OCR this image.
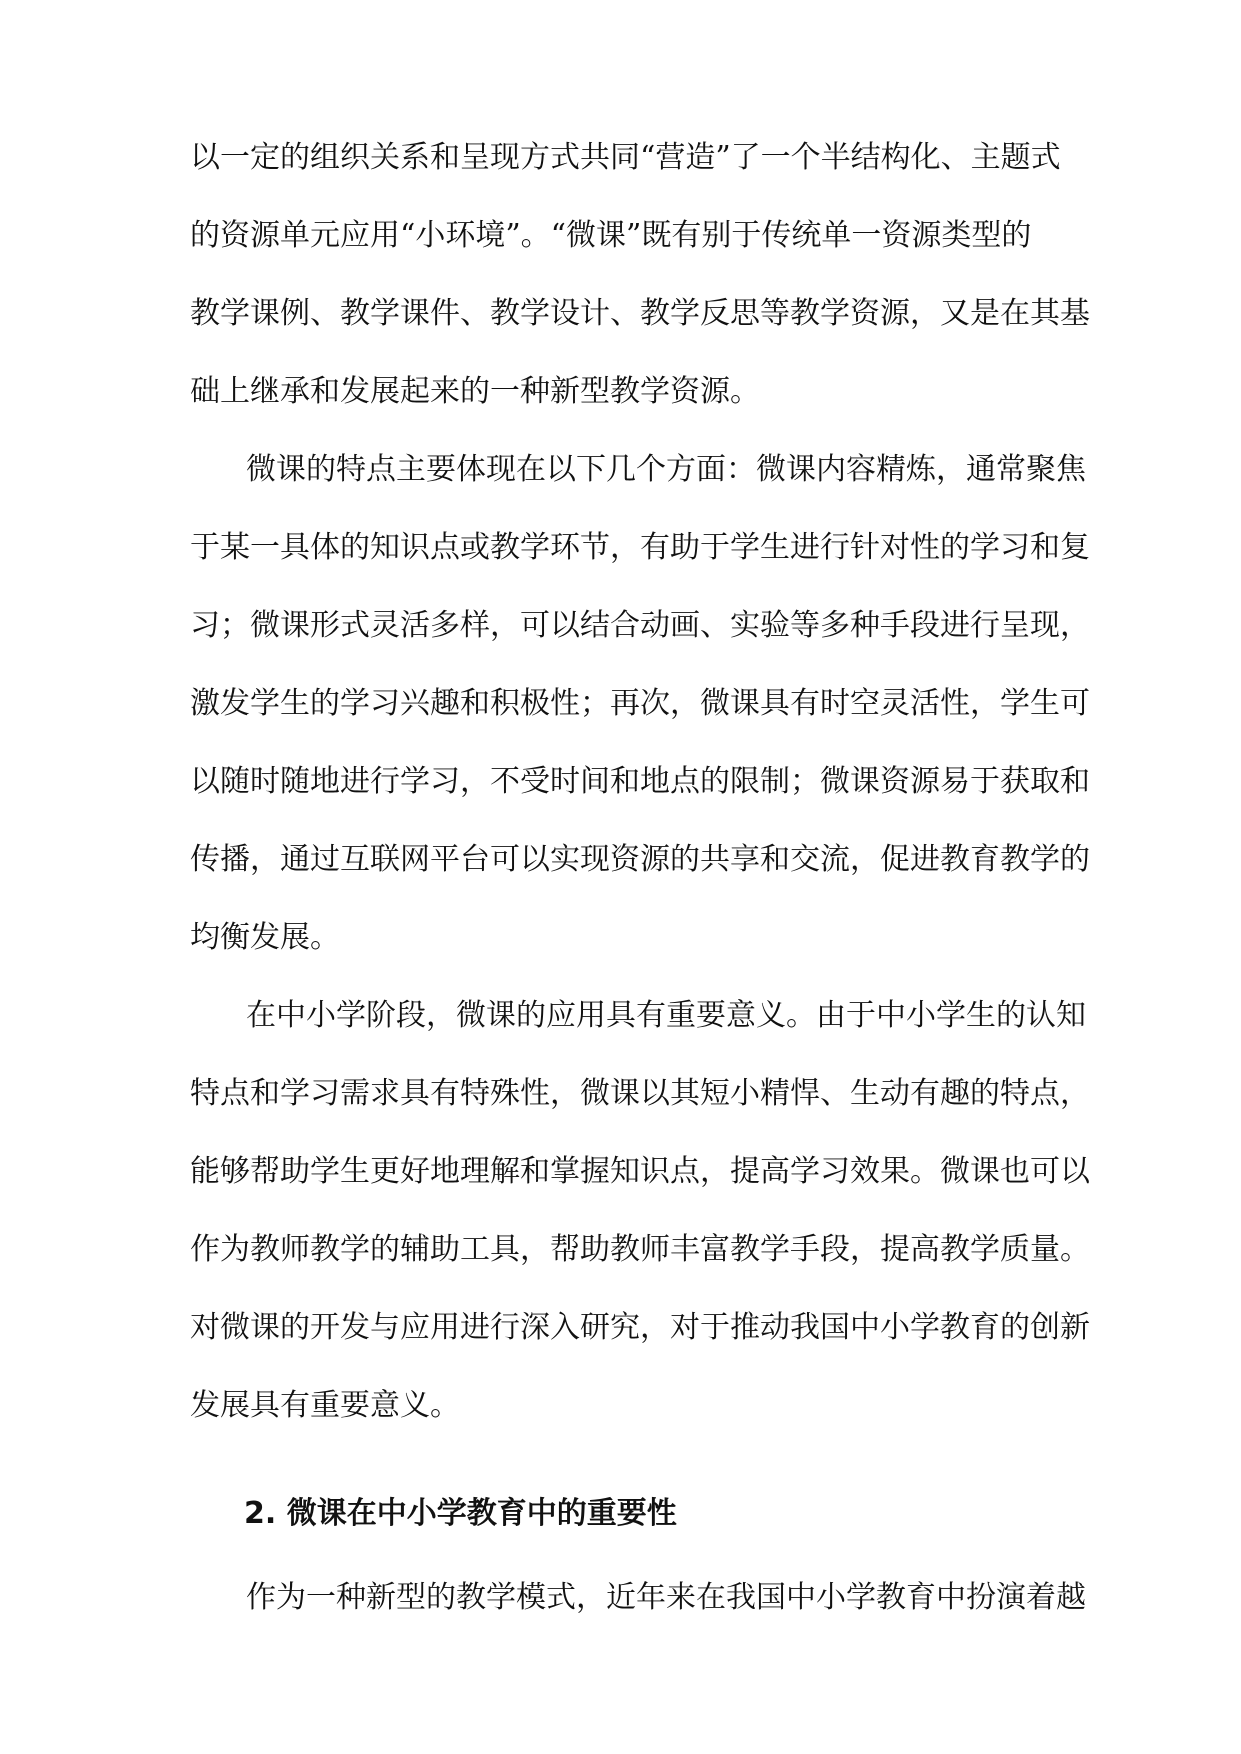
以一定的组织关系和呈现方式共同“营造”了一个半结构化、主题式
的资源单元应用“小环境”。“微课”既有别于传统单一资源类型的
教学课例、教学课件、教学设计、教学反思等教学资源，又是在其基
础上继承和发展起来的一种新型教学资源。
微课的特点主要体现在以下几个方面：微课内容精炼，通常聚焦
于某一具体的知识点或教学环节，有助于学生进行针对性的学习和复
习；微课形式灵活多样，可以结合动画、实验等多种手段进行呈现，
激发学生的学习兴趣和积极性；再次，微课具有时空灵活性，学生可
以随时随地进行学习，不受时间和地点的限制；微课资源易于获取和
传播，通过互联网平台可以实现资源的共享和交流，促进教育教学的
均衡发展。
在中小学阶段，微课的应用具有重要意义。由于中小学生的认知
特点和学习需求具有特殊性，微课以其短小精悍、生动有趣的特点，
能够帮助学生更好地理解和掌握知识点，提高学习效果。微课也可以
作为教师教学的辅助工具，帮助教师丰富教学手段，提高教学质量。
对微课的开发与应用进行深入研究，对于推动我国中小学教育的创新
发展具有重要意义。
2. 微课在中小学教育中的重要性
作为一种新型的教学模式，近年来在我国中小学教育中扮演着越
